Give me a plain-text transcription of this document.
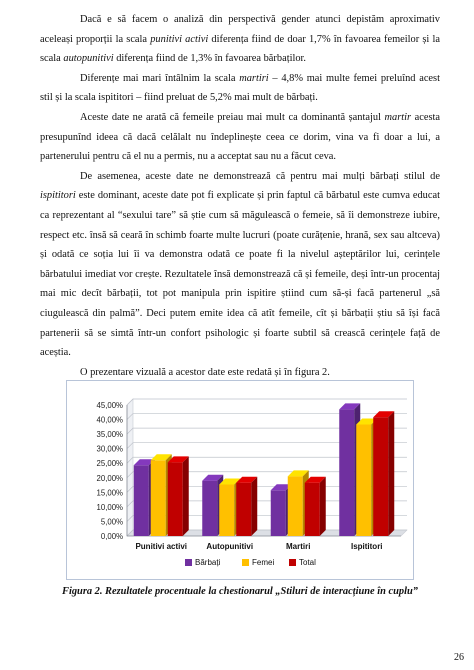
Dacă e să facem o analiză din perspectivă gender atunci depistăm aproximativ aceleași proporții la scala punitivi activi diferența fiind de doar 1,7% în favoarea femeilor și la scala autopunitivi diferența fiind de 1,3% în favoarea bărbaților.

Diferențe mai mari întâlnim la scala martiri – 4,8% mai multe femei preluînd acest stil și la scala ispititori – fiind preluat de 5,2% mai mult de bărbați.

Aceste date ne arată că femeile preiau mai mult ca dominantă șantajul martir acesta presupunînd ideea că dacă celălalt nu îndeplinește ceea ce dorim, vina va fi doar a lui, a partenerului pentru că el nu a permis, nu a acceptat sau nu a făcut ceva.

De asemenea, aceste date ne demonstrează că pentru mai mulți bărbați stilul de ispititori este dominant, aceste date pot fi explicate și prin faptul că bărbatul este cumva educat ca reprezentant al “sexului tare” să știe cum să măgulească o femeie, să îi demonstreze iubire, respect etc. însă să ceară în schimb foarte multe lucruri (poate curățenie, hrană, sex sau altceva) și odată ce soția lui îi va demonstra odată ce poate fi la nivelul așteptărilor lui, cerințele bărbatului imediat vor crește. Rezultatele însă demonstrează că și femeile, deși într-un procentaj mai mic decît bărbații, tot pot manipula prin ispitire știind cum să-și facă partenerul „să ciugulească din palmă”. Deci putem emite idea că atît femeile, cît și bărbații știu să își facă partenerii să se simtă într-un confort psihologic și foarte subtil să crească cerințele față de aceștia.

O prezentare vizuală a acestor date este redată și în figura 2.

0,00%
5,00%
10,00%
15,00%
20,00%
25,00%
30,00%
35,00%
40,00%
45,00%
Punitivi activi Autopunitivi	Martiri	Ispititori
Bărbați	Femei	Total
Figura 2. Rezultatele procentuale la chestionarul „Stiluri de interacțiune în cuplu”
26
